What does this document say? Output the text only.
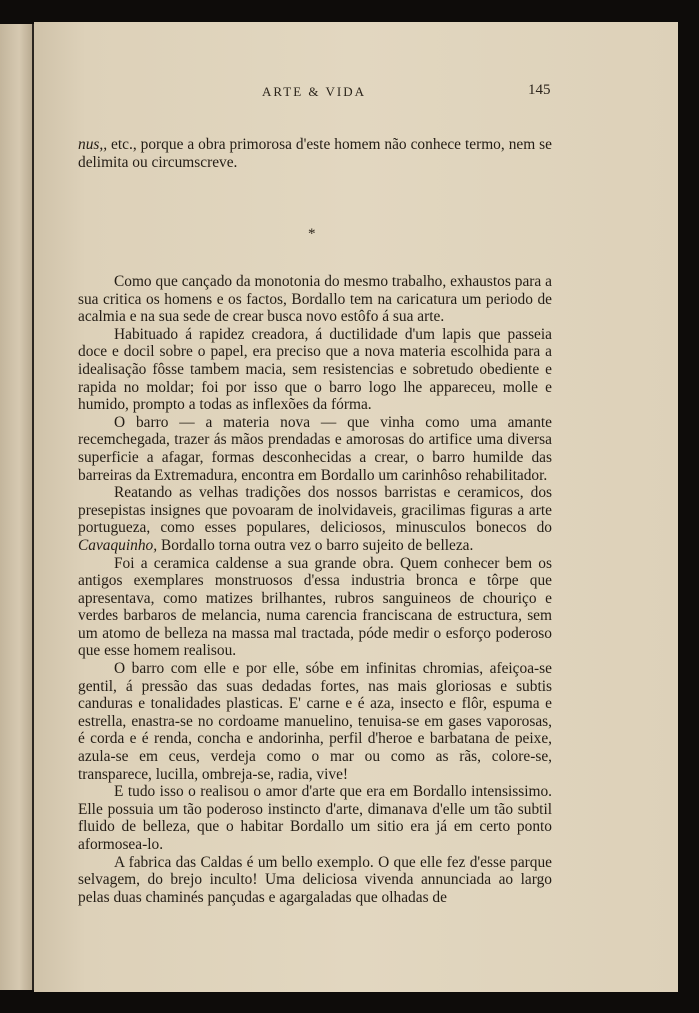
ARTE & VIDA	145

nus,, etc., porque a obra primorosa d'este homem não conhece termo, nem se delimita ou circumscreve.

*

Como que cançado da monotonia do mesmo trabalho, exhaustos para a sua critica os homens e os factos, Bordallo tem na caricatura um periodo de acalmia e na sua sede de crear busca novo estôfo á sua arte.

Habituado á rapidez creadora, á ductilidade d'um lapis que passeia doce e docil sobre o papel, era preciso que a nova materia escolhida para a idealisação fôsse tambem macia, sem resistencias e sobretudo obediente e rapida no moldar; foi por isso que o barro logo lhe appareceu, molle e humido, prompto a todas as inflexões da fórma.

O barro — a materia nova — que vinha como uma amante recemchegada, trazer ás mãos prendadas e amorosas do artifice uma diversa superficie a afagar, formas desconhecidas a crear, o barro humilde das barreiras da Extremadura, encontra em Bordallo um carinhôso rehabilitador.

Reatando as velhas tradições dos nossos barristas e ceramicos, dos presepistas insignes que povoaram de inolvidaveis, gracilimas figuras a arte portugueza, como esses populares, deliciosos, minusculos bonecos do Cavaquinho, Bordallo torna outra vez o barro sujeito de belleza.

Foi a ceramica caldense a sua grande obra. Quem conhecer bem os antigos exemplares monstruosos d'essa industria bronca e tôrpe que apresentava, como matizes brilhantes, rubros sanguineos de chouriço e verdes barbaros de melancia, numa carencia franciscana de estructura, sem um atomo de belleza na massa mal tractada, póde medir o esforço poderoso que esse homem realisou.

O barro com elle e por elle, sóbe em infinitas chromias, afeiçoa-se gentil, á pressão das suas dedadas fortes, nas mais gloriosas e subtis canduras e tonalidades plasticas. E' carne e é aza, insecto e flôr, espuma e estrella, enastra-se no cordoame manuelino, tenuisa-se em gases vaporosas, é corda e é renda, concha e andorinha, perfil d'heroe e barbatana de peixe, azula-se em ceus, verdeja como o mar ou como as rãs, colore-se, transparece, lucilla, ombreja-se, radia, vive!

E tudo isso o realisou o amor d'arte que era em Bordallo intensissimo. Elle possuia um tão poderoso instincto d'arte, dimanava d'elle um tão subtil fluido de belleza, que o habitar Bordallo um sitio era já em certo ponto aformosea-lo.

A fabrica das Caldas é um bello exemplo. O que elle fez d'esse parque selvagem, do brejo inculto! Uma deliciosa vivenda annunciada ao largo pelas duas chaminés pançudas e agargaladas que olhadas de
